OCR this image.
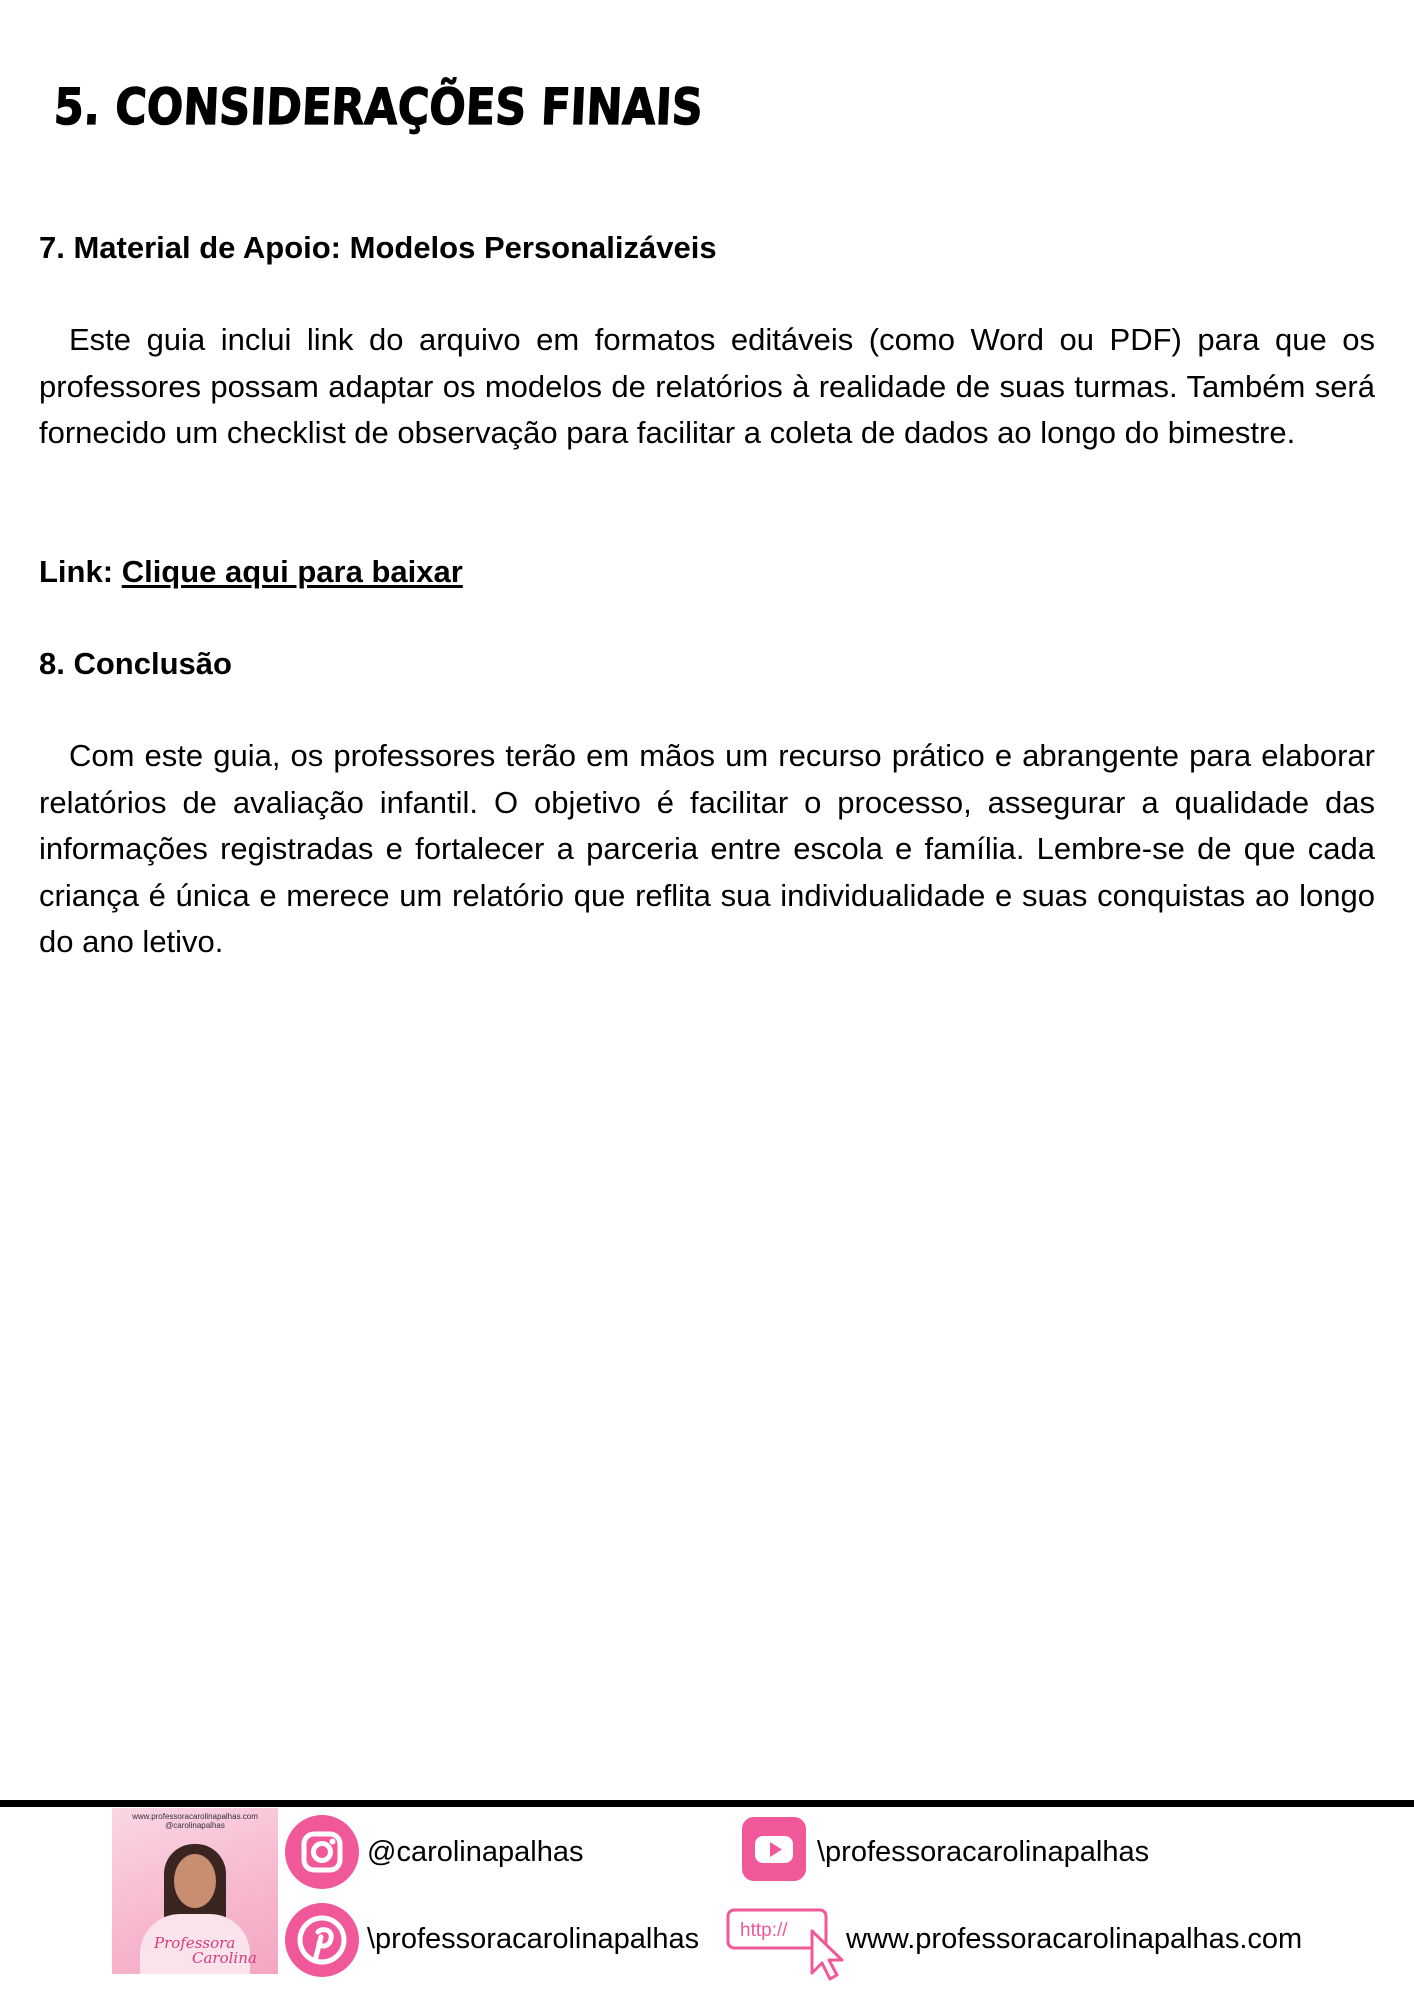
5. CONSIDERAÇÕES FINAIS
7. Material de Apoio: Modelos Personalizáveis

Este guia inclui link do arquivo em formatos editáveis (como Word ou PDF) para que os professores possam adaptar os modelos de relatórios à realidade de suas turmas. Também será fornecido um checklist de observação para facilitar a coleta de dados ao longo do bimestre.

Link: Clique aqui para baixar
8. Conclusão

Com este guia, os professores terão em mãos um recurso prático e abrangente para elaborar relatórios de avaliação infantil. O objetivo é facilitar o processo, assegurar a qualidade das informações registradas e fortalecer a parceria entre escola e família. Lembre-se de que cada criança é única e merece um relatório que reflita sua individualidade e suas conquistas ao longo do ano letivo.

www.professoracarolinapalhas.com
@carolinapalhas
Professora
Carolina
@carolinapalhas	\professoracarolinapalhas
\professoracarolinapalhas http:// www.professoracarolinapalhas.com
